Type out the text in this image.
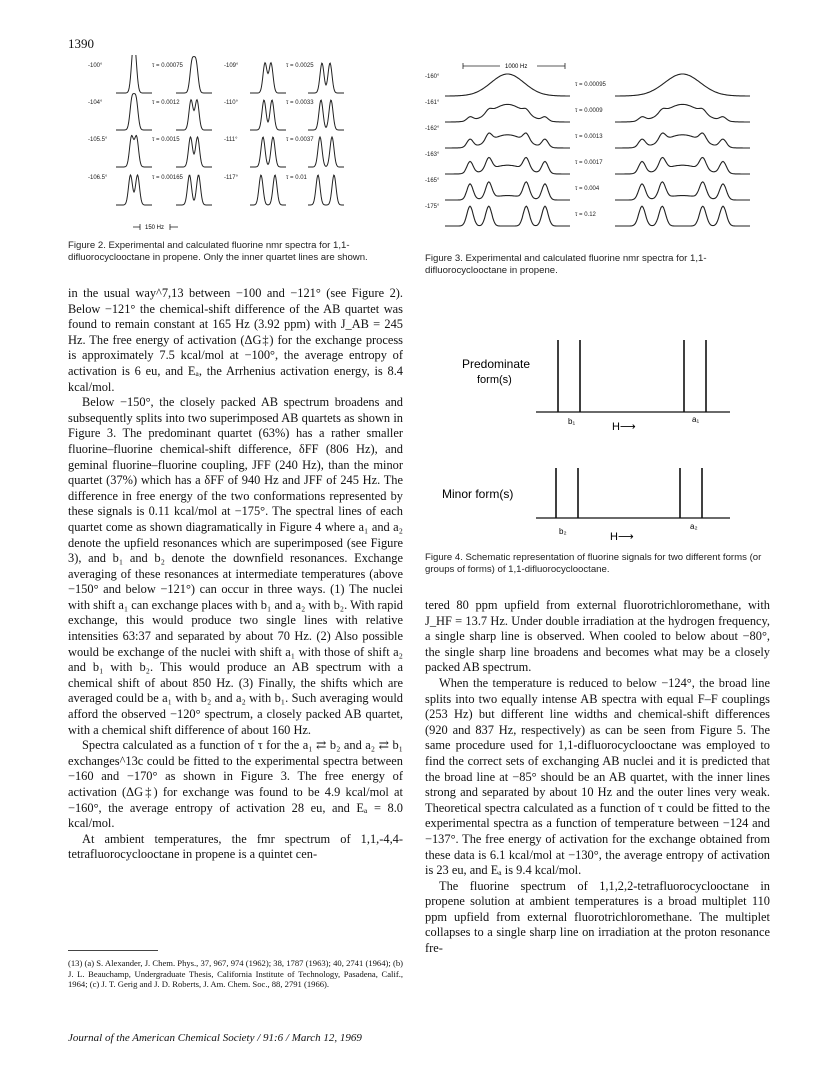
1390
-100°	τ = 0.00075	-109°	τ = 0.0025
-104°	τ = 0.0012	-110°	τ = 0.0033
-105.5°	τ = 0.0015	-111°	τ = 0.0037
-106.5°	τ = 0.00165	-117°	τ = 0.01
150 Hz
Figure 2. Experimental and calculated fluorine nmr spectra for 1,1-difluorocyclooctane in propene. Only the inner quartet lines are shown.
1000 Hz
-160°
τ = 0.00095
-161°
τ = 0.0009
-162°
τ = 0.0013
-163°
τ = 0.0017
-165°
τ = 0.004
-175°
τ = 0.12
Figure 3. Experimental and calculated fluorine nmr spectra for 1,1-difluorocyclooctane in propene.
Predominate
form(s)
b₁	a₁
H⟶
Minor form(s)
b₂
a₂
H⟶
Figure 4. Schematic representation of fluorine signals for two different forms (or groups of forms) of 1,1-difluorocyclooctane.

in the usual way^7,13 between −100 and −121° (see Figure 2). Below −121° the chemical-shift difference of the AB quartet was found to remain constant at 165 Hz (3.92 ppm) with J_AB = 245 Hz. The free energy of activation (ΔG‡) for the exchange process is approximately 7.5 kcal/mol at −100°, the average entropy of activation is 6 eu, and Eₐ, the Arrhenius activation energy, is 8.4 kcal/mol.

Below −150°, the closely packed AB spectrum broadens and subsequently splits into two superimposed AB quartets as shown in Figure 3. The predominant quartet (63%) has a rather smaller fluorine–fluorine chemical-shift difference, δFF (806 Hz), and geminal fluorine–fluorine coupling, JFF (240 Hz), than the minor quartet (37%) which has a δFF of 940 Hz and JFF of 245 Hz. The difference in free energy of the two conformations represented by these signals is 0.11 kcal/mol at −175°. The spectral lines of each quartet come as shown diagramatically in Figure 4 where a₁ and a₂ denote the upfield resonances which are superimposed (see Figure 3), and b₁ and b₂ denote the downfield resonances. Exchange averaging of these resonances at intermediate temperatures (above −150° and below −121°) can occur in three ways. (1) The nuclei with shift a₁ can exchange places with b₁ and a₂ with b₂. With rapid exchange, this would produce two single lines with relative intensities 63:37 and separated by about 70 Hz. (2) Also possible would be exchange of the nuclei with shift a₁ with those of shift a₂ and b₁ with b₂. This would produce an AB spectrum with a chemical shift of about 850 Hz. (3) Finally, the shifts which are averaged could be a₁ with b₂ and a₂ with b₁. Such averaging would afford the observed −120° spectrum, a closely packed AB quartet, with a chemical shift difference of about 160 Hz.

Spectra calculated as a function of τ for the a₁ ⇄ b₂ and a₂ ⇄ b₁ exchanges^13c could be fitted to the experimental spectra between −160 and −170° as shown in Figure 3. The free energy of activation (ΔG‡) for exchange was found to be 4.9 kcal/mol at −160°, the average entropy of activation 28 eu, and Eₐ = 8.0 kcal/mol.

At ambient temperatures, the fmr spectrum of 1,1,-4,4-tetrafluorocyclooctane in propene is a quintet cen-

(13) (a) S. Alexander, J. Chem. Phys., 37, 967, 974 (1962); 38, 1787 (1963); 40, 2741 (1964); (b) J. L. Beauchamp, Undergraduate Thesis, California Institute of Technology, Pasadena, Calif., 1964; (c) J. T. Gerig and J. D. Roberts, J. Am. Chem. Soc., 88, 2791 (1966).

tered 80 ppm upfield from external fluorotrichloromethane, with J_HF = 13.7 Hz. Under double irradiation at the hydrogen frequency, a single sharp line is observed. When cooled to below about −80°, the single sharp line broadens and becomes what may be a closely packed AB spectrum.

When the temperature is reduced to below −124°, the broad line splits into two equally intense AB spectra with equal F–F couplings (253 Hz) but different line widths and chemical-shift differences (920 and 837 Hz, respectively) as can be seen from Figure 5. The same procedure used for 1,1-difluorocyclooctane was employed to find the correct sets of exchanging AB nuclei and it is predicted that the broad line at −85° should be an AB quartet, with the inner lines strong and separated by about 10 Hz and the outer lines very weak. Theoretical spectra calculated as a function of τ could be fitted to the experimental spectra as a function of temperature between −124 and −137°. The free energy of activation for the exchange obtained from these data is 6.1 kcal/mol at −130°, the average entropy of activation is 23 eu, and Eₐ is 9.4 kcal/mol.

The fluorine spectrum of 1,1,2,2-tetrafluorocyclooctane in propene solution at ambient temperatures is a broad multiplet 110 ppm upfield from external fluorotrichloromethane. The multiplet collapses to a single sharp line on irradiation at the proton resonance fre-

Journal of the American Chemical Society / 91:6 / March 12, 1969
